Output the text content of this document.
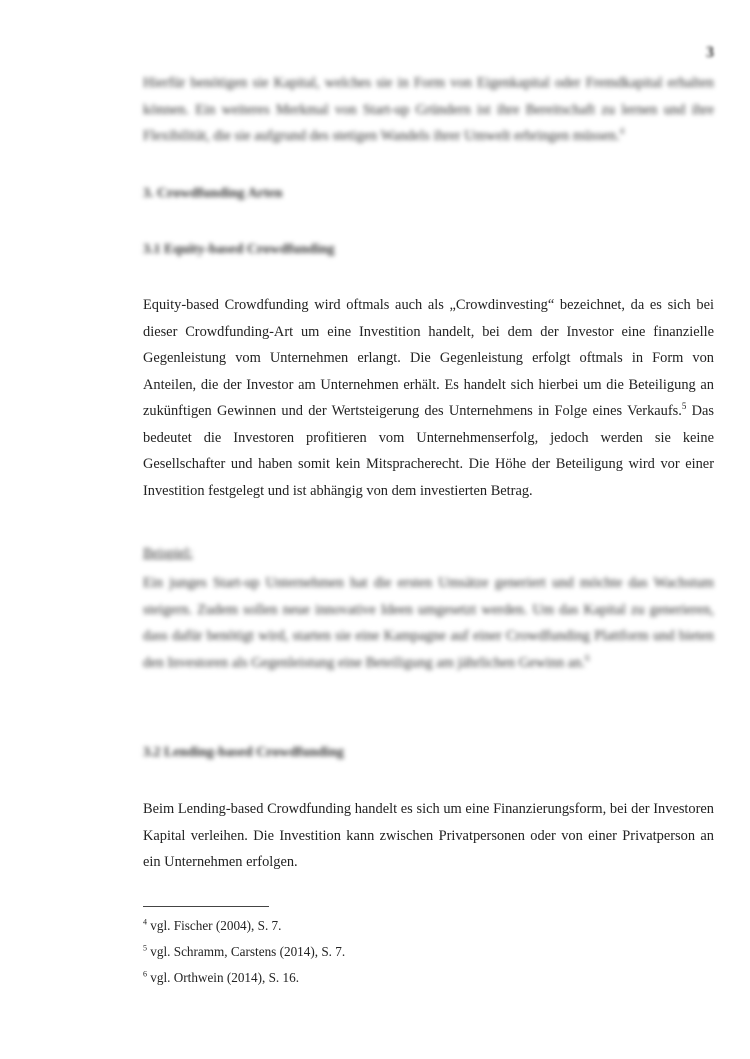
3

Hierfür benötigen sie Kapital, welches sie in Form von Eigenkapital oder Fremdkapital erhalten können. Ein weiteres Merkmal von Start-up Gründern ist ihre Bereitschaft zu lernen und ihre Flexibilität, die sie aufgrund des stetigen Wandels ihrer Umwelt erbringen müssen.$^4$

3. Crowdfunding Arten
3.1 Equity-based Crowdfunding

Equity-based Crowdfunding wird oftmals auch als „Crowdinvesting“ bezeichnet, da es sich bei dieser Crowdfunding-Art um eine Investition handelt, bei dem der Investor eine finanzielle Gegenleistung vom Unternehmen erlangt. Die Gegenleistung erfolgt oftmals in Form von Anteilen, die der Investor am Unternehmen erhält. Es handelt sich hierbei um die Beteiligung an zukünftigen Gewinnen und der Wertsteigerung des Unternehmens in Folge eines Verkaufs.$^5$ Das bedeutet die Investoren profitieren vom Unternehmenserfolg, jedoch werden sie keine Gesellschafter und haben somit kein Mitspracherecht. Die Höhe der Beteiligung wird vor einer Investition festgelegt und ist abhängig von dem investierten Betrag.

Beispiel:

Ein junges Start-up Unternehmen hat die ersten Umsätze generiert und möchte das Wachstum steigern. Zudem sollen neue innovative Ideen umgesetzt werden. Um das Kapital zu generieren, dass dafür benötigt wird, starten sie eine Kampagne auf einer Crowdfunding Plattform und bieten den Investoren als Gegenleistung eine Beteiligung am jährlichen Gewinn an.$^6$

3.2 Lending-based Crowdfunding

Beim Lending-based Crowdfunding handelt es sich um eine Finanzierungsform, bei der Investoren Kapital verleihen. Die Investition kann zwischen Privatpersonen oder von einer Privatperson an ein Unternehmen erfolgen.

$^4$ vgl. Fischer (2004), S. 7.

$^5$ vgl. Schramm, Carstens (2014), S. 7.

$^6$ vgl. Orthwein (2014), S. 16.
